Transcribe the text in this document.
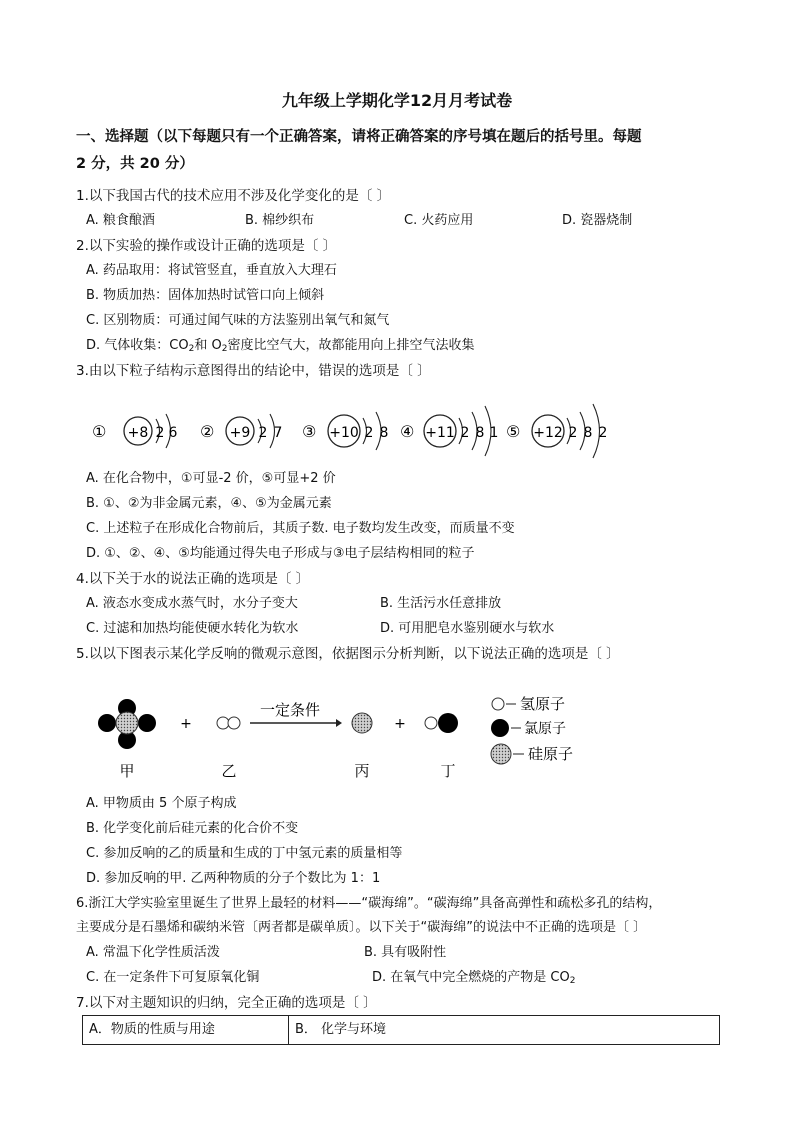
九年级上学期化学12月月考试卷
一、选择题（以下每题只有一个正确答案，请将正确答案的序号填在题后的括号里。每题
2 分，共 20 分）
1.以下我国古代的技术应用不涉及化学变化的是〔 〕
A. 粮食酿酒	B. 棉纱织布	C. 火药应用	D. 瓷器烧制
2.以下实验的操作或设计正确的选项是〔 〕
A. 药品取用：将试管竖直，垂直放入大理石
B. 物质加热：固体加热时试管口向上倾斜
C. 区别物质：可通过闻气味的方法鉴别出氧气和氮气
D. 气体收集：$CO_2$和 $O_2$密度比空气大，故都能用向上排空气法收集
3.由以下粒子结构示意图得出的结论中，错误的选项是〔 〕
① +8 2 6 ② +9 2 7 ③ +10 2 8 ④ +11 2 8 1 ⑤ +12 2 8 2
A. 在化合物中，①可显-2 价，⑤可显+2 价
B. ①、②为非金属元素，④、⑤为金属元素
C. 上述粒子在形成化合物前后，其质子数. 电子数均发生改变，而质量不变
D. ①、②、④、⑤均能通过得失电子形成与③电子层结构相同的粒子
4.以下关于水的说法正确的选项是〔 〕
A. 液态水变成水蒸气时，水分子变大	B. 生活污水任意排放
C. 过滤和加热均能使硬水转化为软水	D. 可用肥皂水鉴别硬水与软水
5.以以下图表示某化学反响的微观示意图，依据图示分析判断，以下说法正确的选项是〔 〕
+
一定条件
+
甲	乙	丙	丁
氢原子
氯原子
硅原子
A. 甲物质由 5 个原子构成
B. 化学变化前后硅元素的化合价不变
C. 参加反响的乙的质量和生成的丁中氢元素的质量相等
D. 参加反响的甲. 乙两种物质的分子个数比为 1：1
6.浙江大学实验室里诞生了世界上最轻的材料——“碳海绵”。“碳海绵”具备高弹性和疏松多孔的结构，
主要成分是石墨烯和碳纳米管〔两者都是碳单质〕。以下关于“碳海绵”的说法中不正确的选项是〔 〕
A. 常温下化学性质活泼	B. 具有吸附性
C. 在一定条件下可复原氧化铜	D. 在氧气中完全燃烧的产物是 $CO_2$
7.以下对主题知识的归纳，完全正确的选项是〔 〕
A．物质的性质与用途	B． 化学与环境
